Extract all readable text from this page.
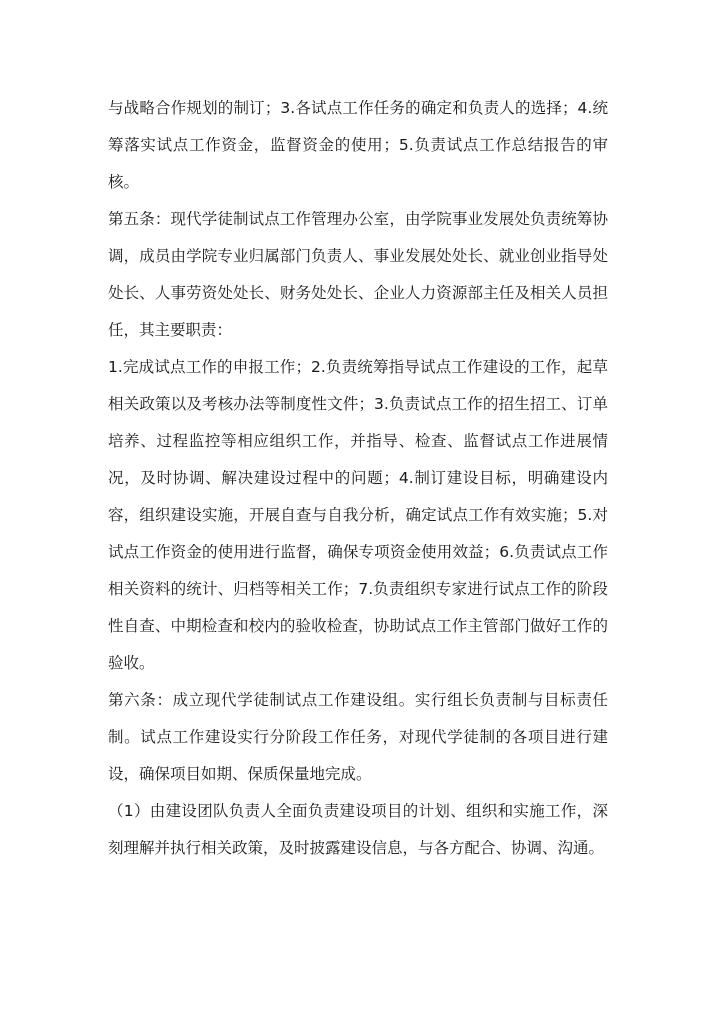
与战略合作规划的制订；3.各试点工作任务的确定和负责人的选择；4.统筹落实试点工作资金，监督资金的使用；5.负责试点工作总结报告的审核。

第五条：现代学徒制试点工作管理办公室，由学院事业发展处负责统筹协调，成员由学院专业归属部门负责人、事业发展处处长、就业创业指导处处长、人事劳资处处长、财务处处长、企业人力资源部主任及相关人员担任，其主要职责：

1.完成试点工作的申报工作；2.负责统筹指导试点工作建设的工作，起草相关政策以及考核办法等制度性文件；3.负责试点工作的招生招工、订单培养、过程监控等相应组织工作，并指导、检查、监督试点工作进展情况，及时协调、解决建设过程中的问题；4.制订建设目标，明确建设内容，组织建设实施，开展自查与自我分析，确定试点工作有效实施；5.对试点工作资金的使用进行监督，确保专项资金使用效益；6.负责试点工作相关资料的统计、归档等相关工作；7.负责组织专家进行试点工作的阶段性自查、中期检查和校内的验收检查，协助试点工作主管部门做好工作的验收。

第六条：成立现代学徒制试点工作建设组。实行组长负责制与目标责任制。试点工作建设实行分阶段工作任务，对现代学徒制的各项目进行建设，确保项目如期、保质保量地完成。

（1）由建设团队负责人全面负责建设项目的计划、组织和实施工作，深刻理解并执行相关政策，及时披露建设信息，与各方配合、协调、沟通。
